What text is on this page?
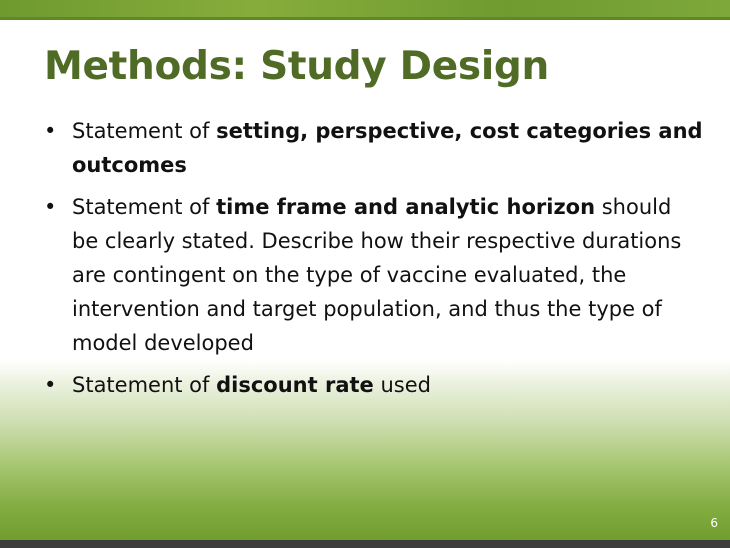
Methods: Study Design
• Statement of setting, perspective, cost categories and outcomes
• Statement of time frame and analytic horizon should be clearly stated. Describe how their respective durations are contingent on the type of vaccine evaluated, the intervention and target population, and thus the type of model developed
• Statement of discount rate used
6
